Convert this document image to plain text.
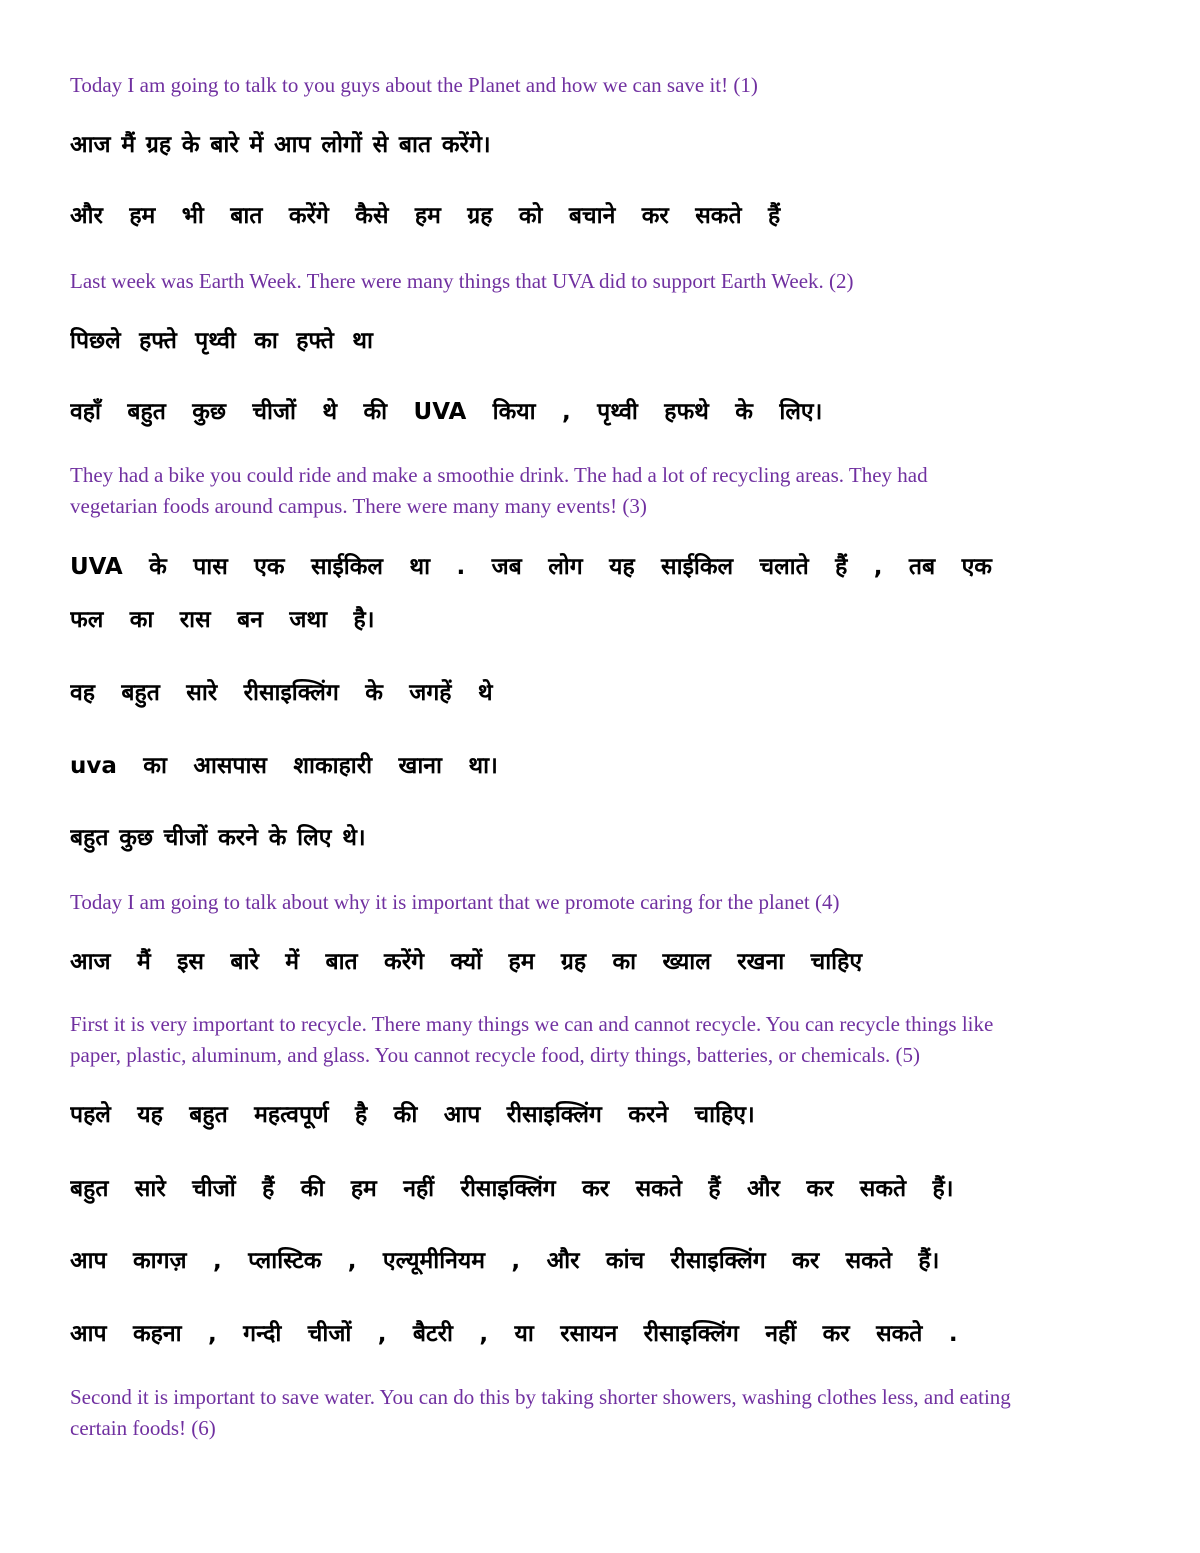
Today I am going to talk to you guys about the Planet and how we can save it! (1)
आज मैं ग्रह के बारे में आप लोगों से बात करेंगे।
और हम भी बात करेंगे कैसे हम ग्रह को बचाने कर सकते हैं
Last week was Earth Week. There were many things that UVA did to support Earth Week. (2)
पिछले हफ्ते पृथ्वी का हफ्ते था
वहाँ बहुत कुछ चीजों थे की UVA किया , पृथ्वी हफथे के लिए।
They had a bike you could ride and make a smoothie drink. The had a lot of recycling areas. They had
vegetarian foods around campus. There were many many events! (3)
UVA के पास एक साईकिल था . जब लोग यह साईकिल चलाते हैं , तब एक
फल का रास बन जथा है।
वह बहुत सारे रीसाइक्लिंग के जगहें थे
uva का आसपास शाकाहारी खाना था।
बहुत कुछ चीजों करने के लिए थे।
Today I am going to talk about why it is important that we promote caring for the planet (4)
आज मैं इस बारे में बात करेंगे क्यों हम ग्रह का ख्याल रखना चाहिए
First it is very important to recycle. There many things we can and cannot recycle. You can recycle things like
paper, plastic, aluminum, and glass. You cannot recycle food, dirty things, batteries, or chemicals. (5)
पहले यह बहुत महत्वपूर्ण है की आप रीसाइक्लिंग करने चाहिए।
बहुत सारे चीजों हैं की हम नहीं रीसाइक्लिंग कर सकते हैं और कर सकते हैं।
आप कागज़ , प्लास्टिक , एल्यूमीनियम , और कांच रीसाइक्लिंग कर सकते हैं।
आप कहना , गन्दी चीजों , बैटरी , या रसायन रीसाइक्लिंग नहीं कर सकते .
Second it is important to save water. You can do this by taking shorter showers, washing clothes less, and eating
certain foods! (6)
